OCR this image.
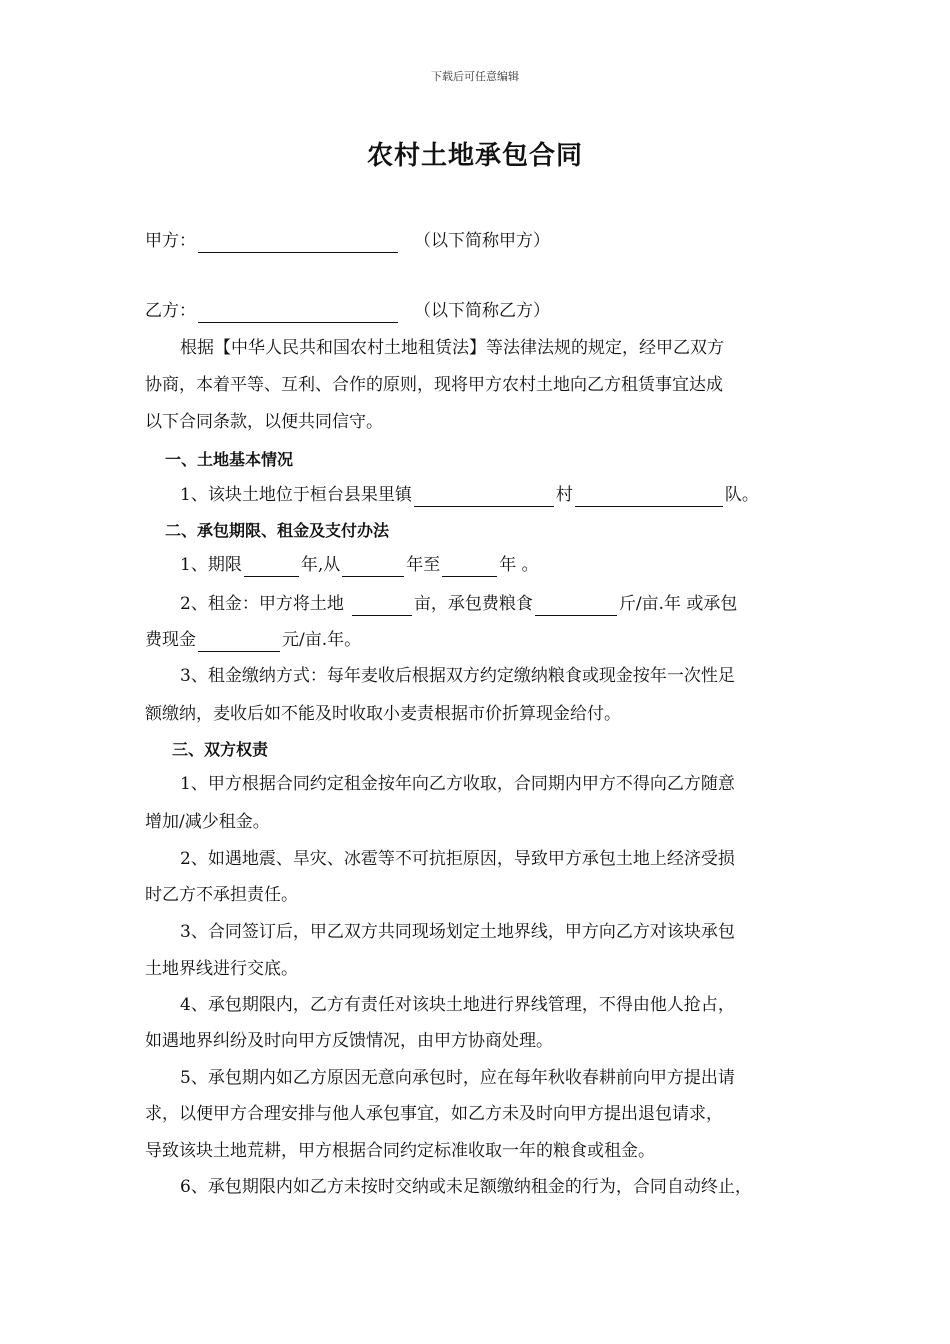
下载后可任意编辑
农村土地承包合同
甲方：	（以下简称甲方）
乙方：	（以下简称乙方）
根据【中华人民共和国农村土地租赁法】等法律法规的规定，经甲乙双方
协商，本着平等、互利、合作的原则，现将甲方农村土地向乙方租赁事宜达成
以下合同条款，以便共同信守。
一、土地基本情况
1、该块土地位于桓台县果里镇	村	队。
二、承包期限、租金及支付办法
1、期限	年,从	年至	年 。
2、租金：甲方将土地	亩，承包费粮食	斤/亩.年 或承包
费现金	元/亩.年。
3、租金缴纳方式：每年麦收后根据双方约定缴纳粮食或现金按年一次性足
额缴纳，麦收后如不能及时收取小麦责根据市价折算现金给付。
三、双方权责
1、甲方根据合同约定租金按年向乙方收取，合同期内甲方不得向乙方随意
增加/减少租金。
2、如遇地震、旱灾、冰雹等不可抗拒原因，导致甲方承包土地上经济受损
时乙方不承担责任。
3、合同签订后，甲乙双方共同现场划定土地界线，甲方向乙方对该块承包
土地界线进行交底。
4、承包期限内，乙方有责任对该块土地进行界线管理，不得由他人抢占，
如遇地界纠纷及时向甲方反馈情况，由甲方协商处理。
5、承包期内如乙方原因无意向承包时，应在每年秋收春耕前向甲方提出请
求，以便甲方合理安排与他人承包事宜，如乙方未及时向甲方提出退包请求，
导致该块土地荒耕，甲方根据合同约定标准收取一年的粮食或租金。
6、承包期限内如乙方未按时交纳或未足额缴纳租金的行为，合同自动终止，
